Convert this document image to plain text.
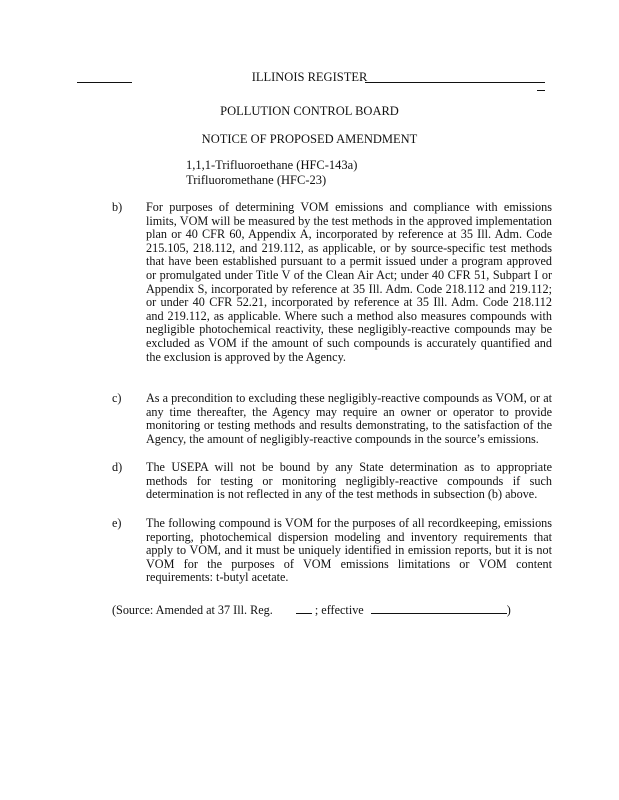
ILLINOIS REGISTER
POLLUTION CONTROL BOARD
NOTICE OF PROPOSED AMENDMENT
1,1,1-Trifluoroethane (HFC-143a)
Trifluoromethane (HFC-23)
b)	For purposes of determining VOM emissions and compliance with emissions limits, VOM will be measured by the test methods in the approved implementation plan or 40 CFR 60, Appendix A, incorporated by reference at 35 Ill. Adm. Code 215.105, 218.112, and 219.112, as applicable, or by source-specific test methods that have been established pursuant to a permit issued under a program approved or promulgated under Title V of the Clean Air Act; under 40 CFR 51, Subpart I or Appendix S, incorporated by reference at 35 Ill. Adm. Code 218.112 and 219.112; or under 40 CFR 52.21, incorporated by reference at 35 Ill. Adm. Code 218.112 and 219.112, as applicable. Where such a method also measures compounds with negligible photochemical reactivity, these negligibly-reactive compounds may be excluded as VOM if the amount of such compounds is accurately quantified and the exclusion is approved by the Agency.
c)	As a precondition to excluding these negligibly-reactive compounds as VOM, or at any time thereafter, the Agency may require an owner or operator to provide monitoring or testing methods and results demonstrating, to the satisfaction of the Agency, the amount of negligibly-reactive compounds in the source’s emissions.
d)	The USEPA will not be bound by any State determination as to appropriate methods for testing or monitoring negligibly-reactive compounds if such determination is not reflected in any of the test methods in subsection (b) above.
e)	The following compound is VOM for the purposes of all recordkeeping, emissions reporting, photochemical dispersion modeling and inventory requirements that apply to VOM, and it must be uniquely identified in emission reports, but it is not VOM for the purposes of VOM emissions limitations or VOM content requirements: t-butyl acetate.
(Source: Amended at 37 Ill. Reg.	; effective	)
